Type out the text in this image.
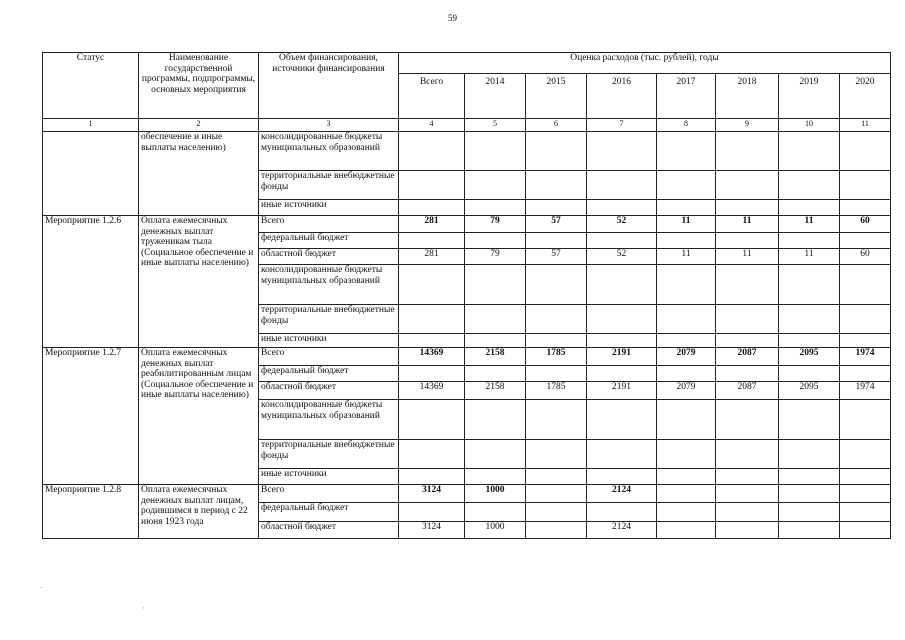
59
Статус	Наименование государственной программы, подпрограммы, основных мероприятия	Объем финансирования, источники финансирования	Оценка расходов (тыс. рублей), годы							
			Всего	2014	2015	2016	2017	2018	2019	2020
1	2	3	4	5	6	7	8	9	10	11
	обеспечение и иные выплаты населению)	консолидированные бюджеты муниципальных образований								
		территориальные внебюджетные фонды								
		иные источники								
Мероприятие 1.2.6	Оплата ежемесячных денежных выплат труженикам тыла (Социальное обеспечение и иные выплаты населению)	Всего	281	79	57	52	11	11	11	60
		федеральный бюджет								
		областной бюджет	281	79	57	52	11	11	11	60
		консолидированные бюджеты муниципальных образований								
		территориальные внебюджетные фонды								
		иные источники								
Мероприятие 1.2.7	Оплата ежемесячных денежных выплат реабилитированным лицам (Социальное обеспечение и иные выплаты населению)	Всего	14369	2158	1785	2191	2079	2087	2095	1974
		федеральный бюджет								
		областной бюджет	14369	2158	1785	2191	2079	2087	2095	1974
		консолидированные бюджеты муниципальных образований								
		территориальные внебюджетные фонды								
		иные источники								
Мероприятие 1.2.8	Оплата ежемесячных денежных выплат лицам, родившимся в период с 22 июня 1923 года	Всего	3124	1000		2124				
		федеральный бюджет								
		областной бюджет	3124	1000		2124				
.
·
